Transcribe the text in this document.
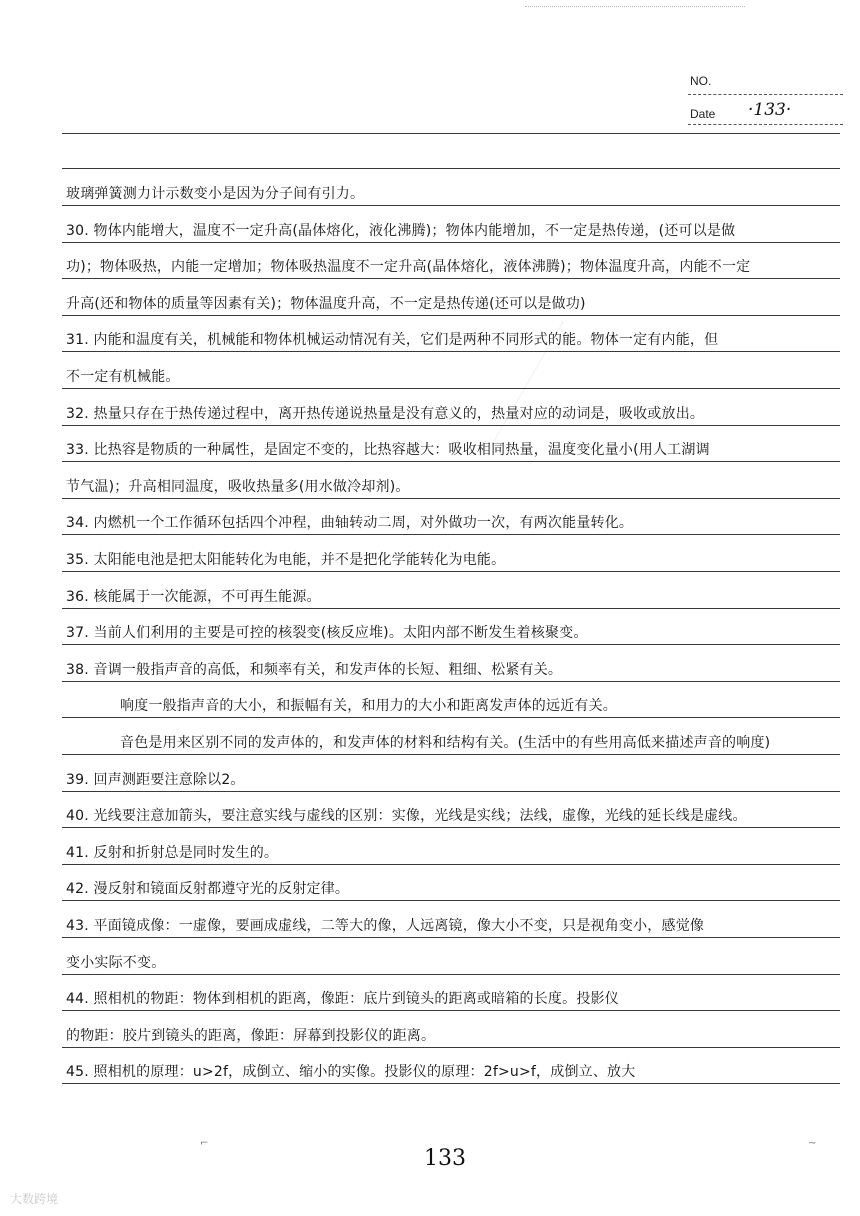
NO.
Date ·133·
玻璃弹簧测力计示数变小是因为分子间有引力。
30. 物体内能增大，温度不一定升高(晶体熔化，液化沸腾)；物体内能增加，不一定是热传递，(还可以是做
功)；物体吸热，内能一定增加；物体吸热温度不一定升高(晶体熔化，液体沸腾)；物体温度升高，内能不一定
升高(还和物体的质量等因素有关)；物体温度升高，不一定是热传递(还可以是做功)
31. 内能和温度有关，机械能和物体机械运动情况有关，它们是两种不同形式的能。物体一定有内能，但
不一定有机械能。
32. 热量只存在于热传递过程中，离开热传递说热量是没有意义的，热量对应的动词是，吸收或放出。
33. 比热容是物质的一种属性，是固定不变的，比热容越大：吸收相同热量，温度变化量小(用人工湖调
节气温)；升高相同温度，吸收热量多(用水做冷却剂)。
34. 内燃机一个工作循环包括四个冲程，曲轴转动二周，对外做功一次，有两次能量转化。
35. 太阳能电池是把太阳能转化为电能，并不是把化学能转化为电能。
36. 核能属于一次能源，不可再生能源。
37. 当前人们利用的主要是可控的核裂变(核反应堆)。太阳内部不断发生着核聚变。
38. 音调一般指声音的高低，和频率有关，和发声体的长短、粗细、松紧有关。
响度一般指声音的大小，和振幅有关，和用力的大小和距离发声体的远近有关。
音色是用来区别不同的发声体的，和发声体的材料和结构有关。(生活中的有些用高低来描述声音的响度)
39. 回声测距要注意除以2。
40. 光线要注意加箭头，要注意实线与虚线的区别：实像，光线是实线；法线，虚像，光线的延长线是虚线。
41. 反射和折射总是同时发生的。
42. 漫反射和镜面反射都遵守光的反射定律。
43. 平面镜成像：一虚像，要画成虚线，二等大的像，人远离镜，像大小不变，只是视角变小，感觉像
变小实际不变。
44. 照相机的物距：物体到相机的距离，像距：底片到镜头的距离或暗箱的长度。投影仪
的物距：胶片到镜头的距离，像距：屏幕到投影仪的距离。
45. 照相机的原理：u>2f，成倒立、缩小的实像。投影仪的原理：2f>u>f，成倒立、放大
⌐	~
133
大数跨境
